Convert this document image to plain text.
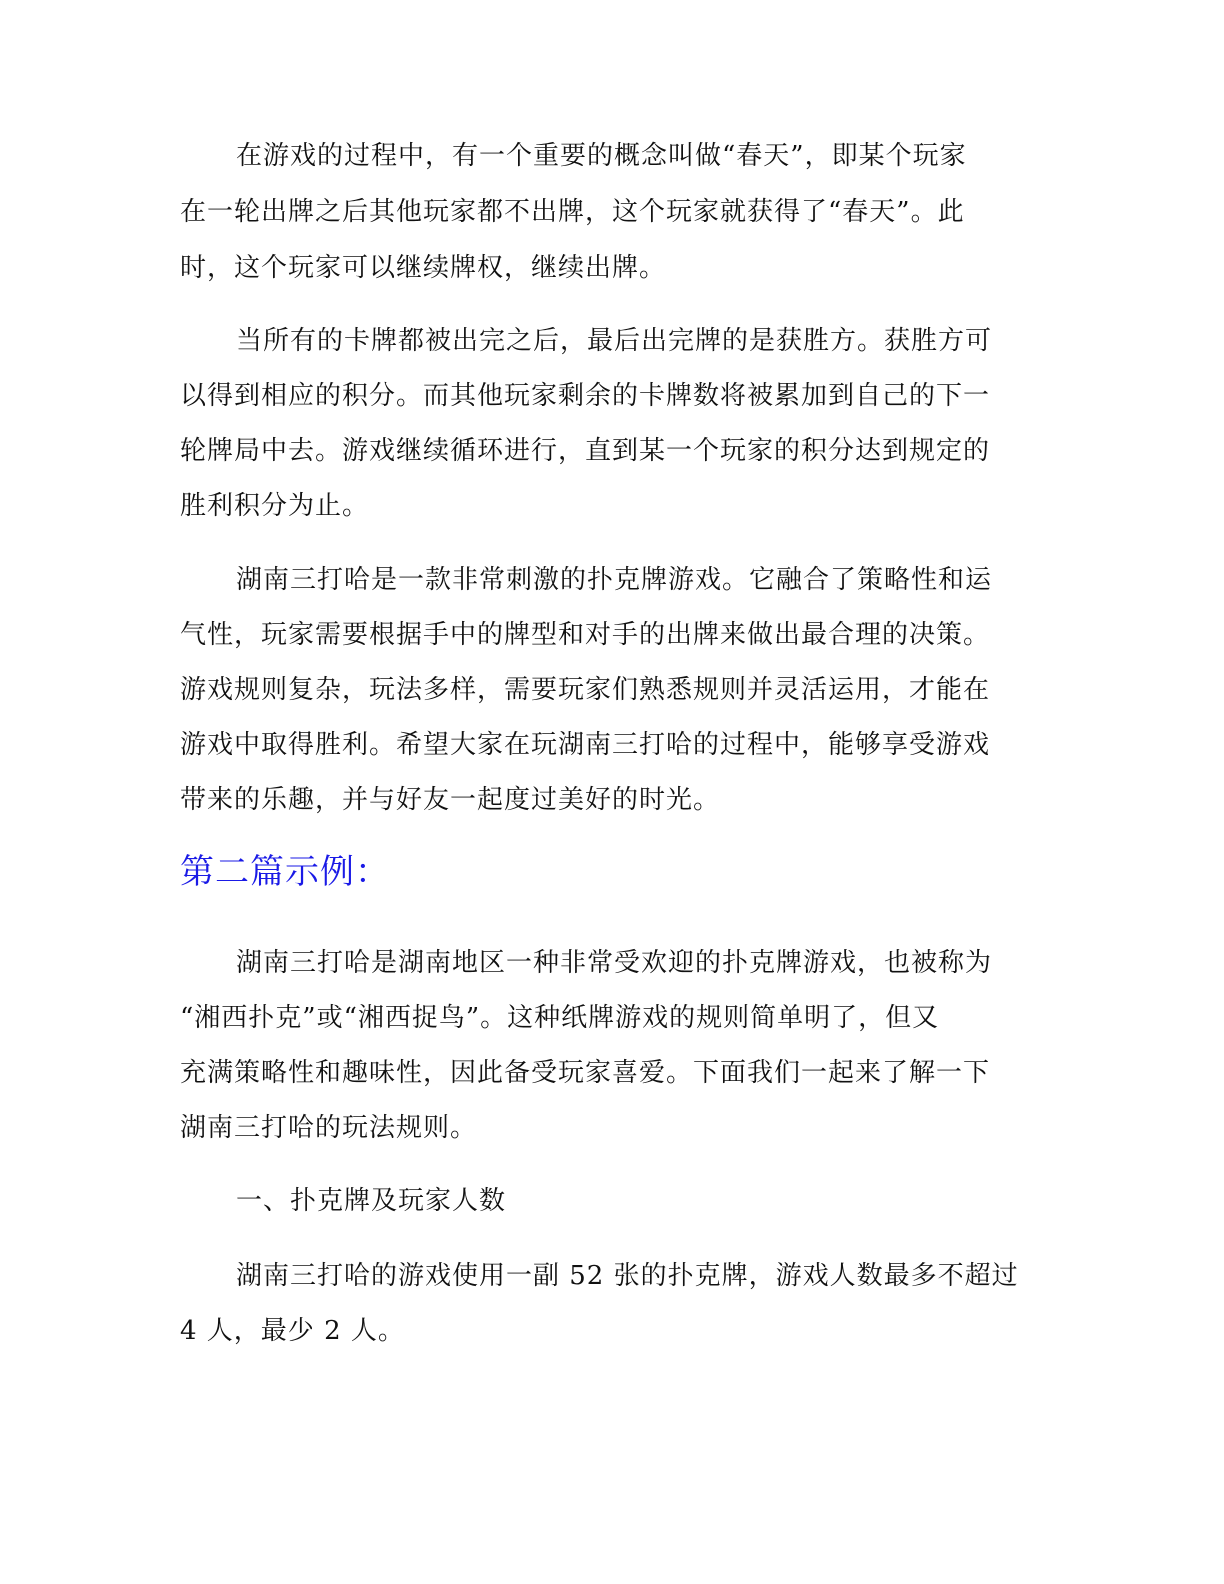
在游戏的过程中，有一个重要的概念叫做“春天”，即某个玩家
在一轮出牌之后其他玩家都不出牌，这个玩家就获得了“春天”。此
时，这个玩家可以继续牌权，继续出牌。
当所有的卡牌都被出完之后，最后出完牌的是获胜方。获胜方可
以得到相应的积分。而其他玩家剩余的卡牌数将被累加到自己的下一
轮牌局中去。游戏继续循环进行，直到某一个玩家的积分达到规定的
胜利积分为止。
湖南三打哈是一款非常刺激的扑克牌游戏。它融合了策略性和运
气性，玩家需要根据手中的牌型和对手的出牌来做出最合理的决策。
游戏规则复杂，玩法多样，需要玩家们熟悉规则并灵活运用，才能在
游戏中取得胜利。希望大家在玩湖南三打哈的过程中，能够享受游戏
带来的乐趣，并与好友一起度过美好的时光。
第二篇示例：
湖南三打哈是湖南地区一种非常受欢迎的扑克牌游戏，也被称为
“湘西扑克”或“湘西捉鸟”。这种纸牌游戏的规则简单明了，但又
充满策略性和趣味性，因此备受玩家喜爱。下面我们一起来了解一下
湖南三打哈的玩法规则。
一、扑克牌及玩家人数
湖南三打哈的游戏使用一副 52 张的扑克牌，游戏人数最多不超过
4 人，最少 2 人。
